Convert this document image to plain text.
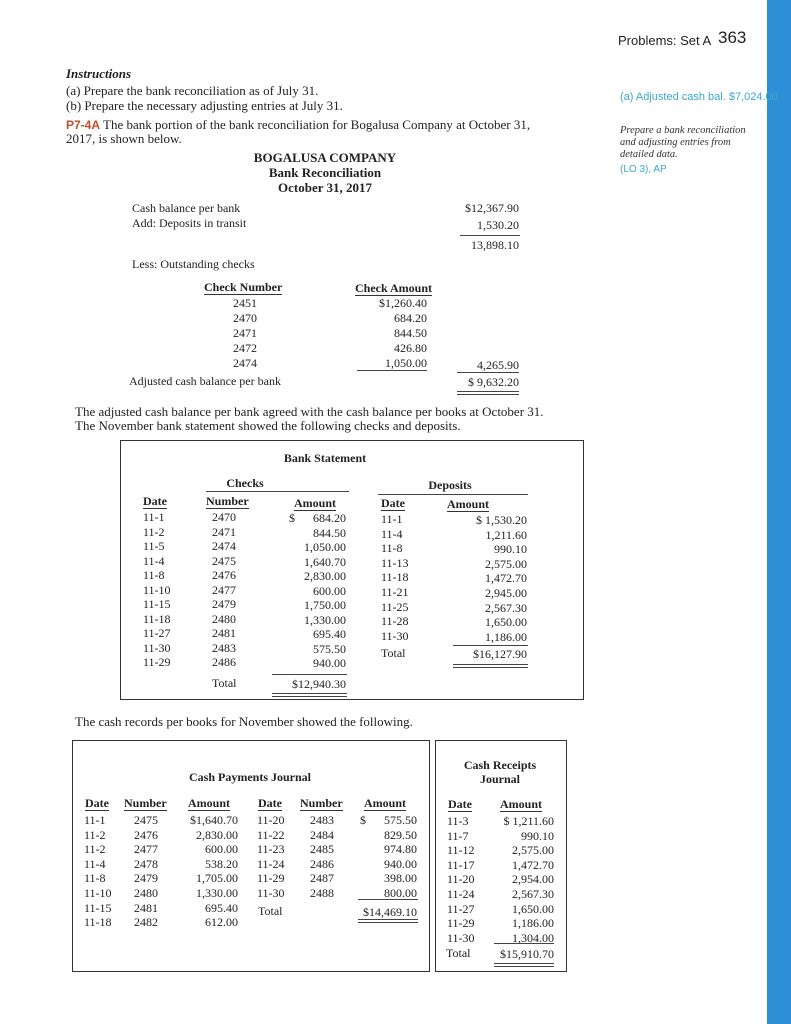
Problems: Set A 363
Instructions
(a) Prepare the bank reconciliation as of July 31.
(b) Prepare the necessary adjusting entries at July 31.
(a) Adjusted cash bal. $7,024.00
Prepare a bank reconciliation
and adjusting entries from
detailed data.
(LO 3), AP
P7-4A The bank portion of the bank reconciliation for Bogalusa Company at October 31,
2017, is shown below.
BOGALUSA COMPANY
Bank Reconciliation
October 31, 2017
Cash balance per bank	$12,367.90
Add: Deposits in transit	1,530.20
13,898.10
Less: Outstanding checks
Check Number	Check Amount
2451	$1,260.40
2470	684.20
2471	844.50
2472	426.80
2474	1,050.00	4,265.90
Adjusted cash balance per bank	$ 9,632.20
The adjusted cash balance per bank agreed with the cash balance per books at October 31.
The November bank statement showed the following checks and deposits.
Bank Statement
Checks	Deposits
Date	Number	Amount	Date	Amount
11-1	2470	$      684.20
11-2	2471	844.50
11-5	2474	1,050.00
11-4	2475	1,640.70
11-8	2476	2,830.00
11-10	2477	600.00
11-15	2479	1,750.00
11-18	2480	1,330.00
11-27	2481	695.40
11-30	2483	575.50
11-29	2486	940.00
Total	$12,940.30
11-1	$ 1,530.20
11-4	1,211.60
11-8	990.10
11-13	2,575.00
11-18	1,472.70
11-21	2,945.00
11-25	2,567.30
11-28	1,650.00
11-30	1,186.00
Total	$16,127.90
The cash records per books for November showed the following.
Cash Payments Journal
Date Number Amount Date Number Amount
11-1 2475	$1,640.70
11-2 2476	2,830.00
11-2 2477	600.00
11-4 2478	538.20
11-8 2479	1,705.00
11-10 2480	1,330.00
11-15 2481	695.40
11-18 2482	612.00
11-20 2483	$      575.50
11-22 2484	829.50
11-23 2485	974.80
11-24 2486	940.00
11-29 2487	398.00
11-30 2488	800.00
Total	$14,469.10
Cash Receipts
Journal
Date Amount
11-3	$ 1,211.60
11-7	990.10
11-12	2,575.00
11-17	1,472.70
11-20	2,954.00
11-24	2,567.30
11-27	1,650.00
11-29	1,186.00
11-30	1,304.00
Total	$15,910.70
